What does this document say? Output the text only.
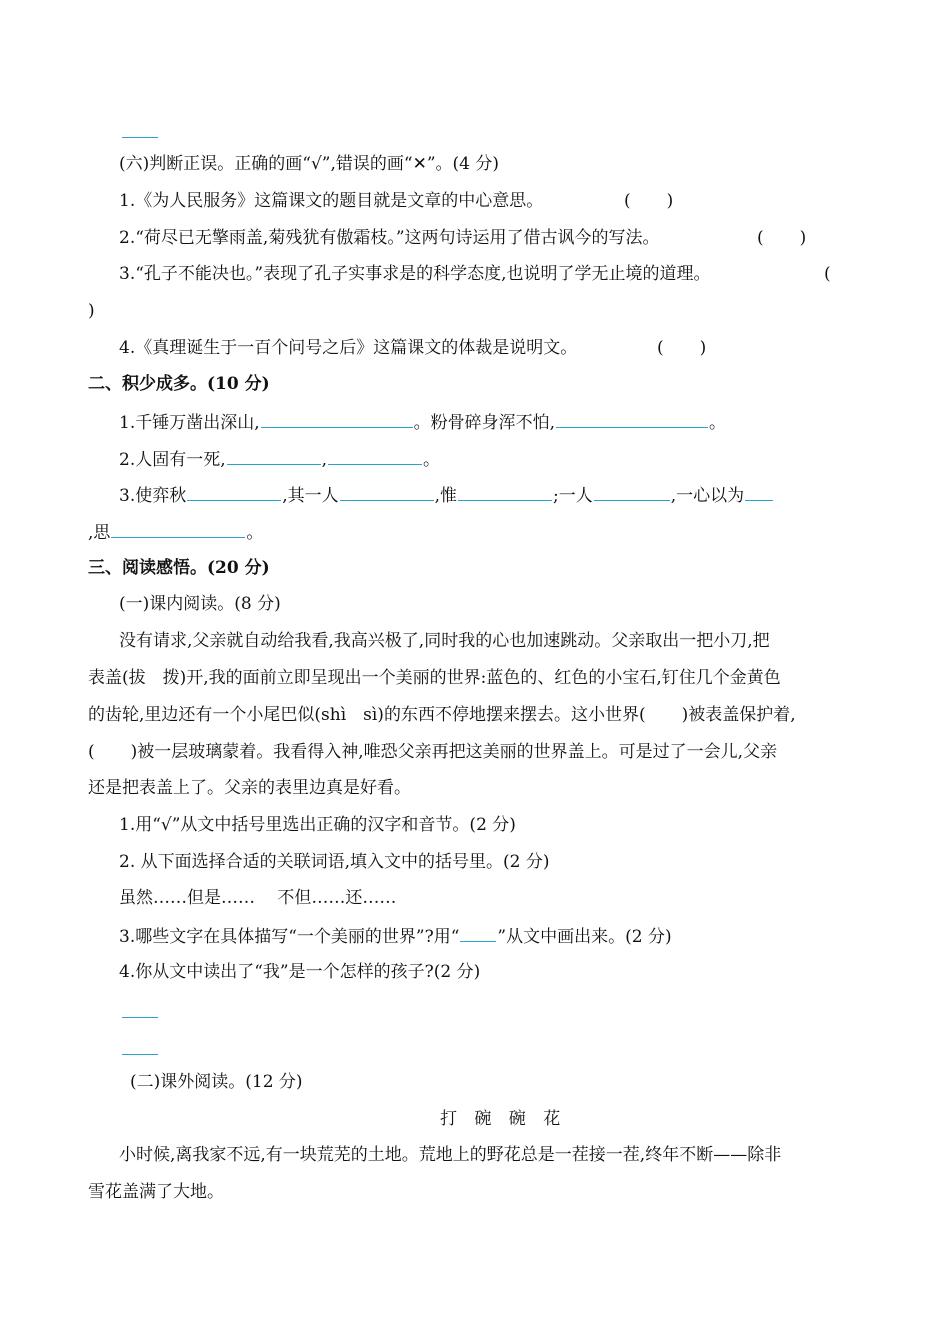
(六)判断正误。正确的画“√”,错误的画“✕”。(4 分)
1.《为人民服务》这篇课文的题目就是文章的中心意思。	( )
2.“荷尽已无擎雨盖,菊残犹有傲霜枝。”这两句诗运用了借古讽今的写法。	( )
3.“孔子不能决也。”表现了孔子实事求是的科学态度,也说明了学无止境的道理。	(
)
4.《真理诞生于一百个问号之后》这篇课文的体裁是说明文。	( )
二、积少成多。(10 分)
1.千锤万凿出深山,	。粉骨碎身浑不怕,	。
2.人固有一死,	,	。
3.使弈秋	,其一人	,惟	;一人	,一心以为
,思	。
三、阅读感悟。(20 分)
(一)课内阅读。(8 分)
没有请求,父亲就自动给我看,我高兴极了,同时我的心也加速跳动。父亲取出一把小刀,把
表盖(拔　拨)开,我的面前立即呈现出一个美丽的世界:蓝色的、红色的小宝石,钉住几个金黄色
的齿轮,里边还有一个小尾巴似(shì　sì)的东西不停地摆来摆去。这小世界( )被表盖保护着,
( )被一层玻璃蒙着。我看得入神,唯恐父亲再把这美丽的世界盖上。可是过了一会儿,父亲
还是把表盖上了。父亲的表里边真是好看。
1.用“√”从文中括号里选出正确的汉字和音节。(2 分)
2. 从下面选择合适的关联词语,填入文中的括号里。(2 分)
虽然……但是……　 不但……还……
3.哪些文字在具体描写“一个美丽的世界”?用“ ”从文中画出来。(2 分)
4.你从文中读出了“我”是一个怎样的孩子?(2 分)
(二)课外阅读。(12 分)
打 碗 碗 花
小时候,离我家不远,有一块荒芜的土地。荒地上的野花总是一茬接一茬,终年不断——除非
雪花盖满了大地。
